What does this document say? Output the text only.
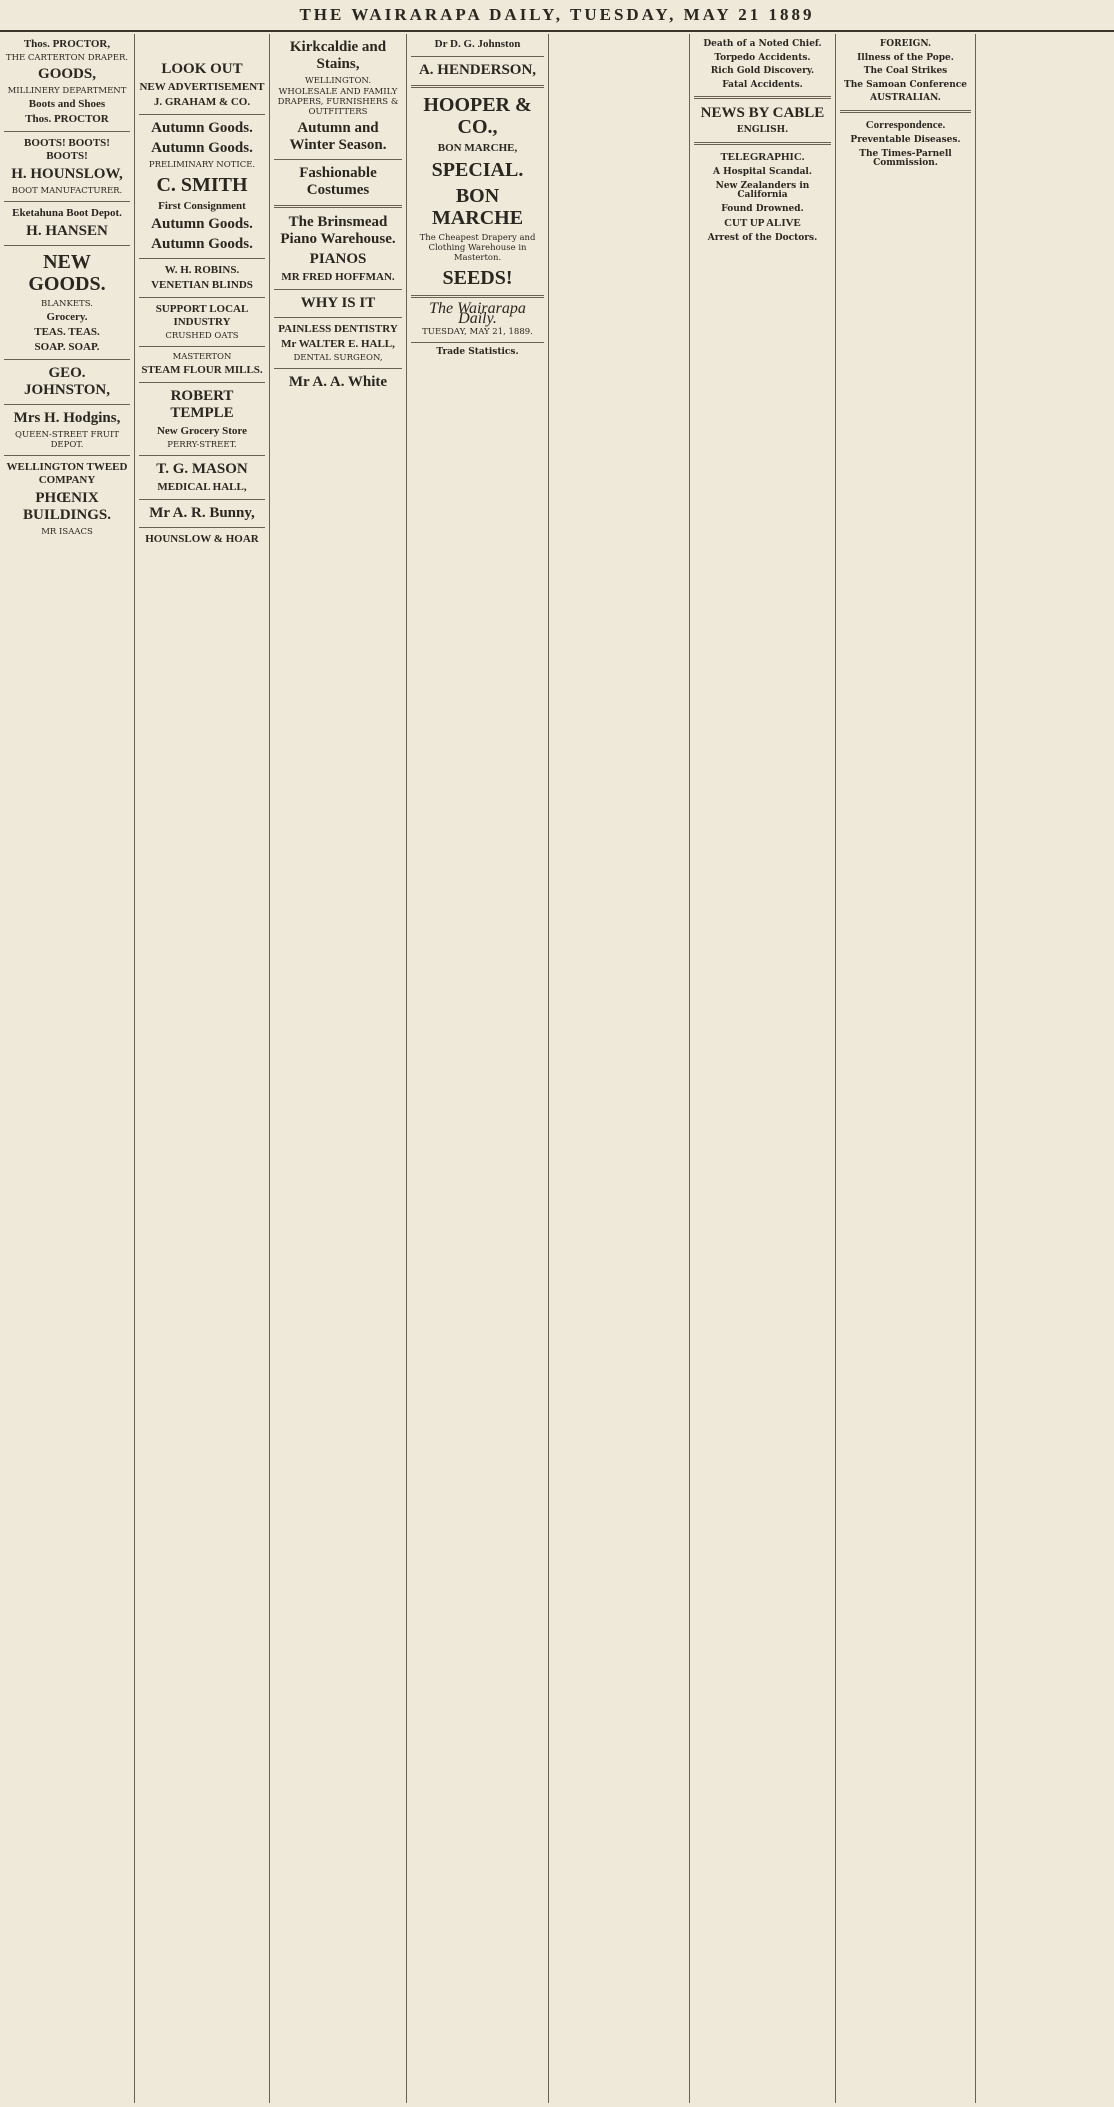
THE WAIRARAPA DAILY, TUESDAY, MAY 21 1889
Thos. PROCTOR,
THE CARTERTON DRAPER.
GOODS,
MILLINERY DEPARTMENT
Boots and Shoes
Thos. PROCTOR
BOOTS! BOOTS! BOOTS!
H. HOUNSLOW,
BOOT MANUFACTURER.
Eketahuna Boot Depot.
H. HANSEN
NEW GOODS.
BLANKETS.
Grocery.
TEAS. TEAS.
SOAP. SOAP.
GEO. JOHNSTON,
Mrs H. Hodgins,
QUEEN-STREET FRUIT DEPOT.
WELLINGTON TWEED COMPANY
PHŒNIX BUILDINGS.
MR ISAACS
LOOK OUT
NEW ADVERTISEMENT
J. GRAHAM & CO.
Autumn Goods.
Autumn Goods.
PRELIMINARY NOTICE.
C. SMITH
First Consignment
Autumn Goods.
Autumn Goods.
W. H. ROBINS.
VENETIAN BLINDS
SUPPORT LOCAL INDUSTRY
CRUSHED OATS
MASTERTON
STEAM FLOUR MILLS.
ROBERT TEMPLE
New Grocery Store
PERRY-STREET.
T. G. MASON
MEDICAL HALL,
Mr A. R. Bunny,
HOUNSLOW & HOAR
Kirkcaldie and Stains,
WELLINGTON.
WHOLESALE AND FAMILY DRAPERS, FURNISHERS & OUTFITTERS
Autumn and Winter Season.
Fashionable Costumes
The Brinsmead Piano Warehouse.
PIANOS
MR FRED HOFFMAN.
WHY IS IT
PAINLESS DENTISTRY
Mr WALTER E. HALL,
DENTAL SURGEON,
Mr A. A. White
Dr D. G. Johnston
A. HENDERSON,
HOOPER & CO.,
BON MARCHE,
SPECIAL.
BON MARCHE
The Cheapest Drapery and Clothing Warehouse in Masterton.
SEEDS!
The Wairarapa Daily.
TUESDAY, MAY 21, 1889.
Trade Statistics.
Death of a Noted Chief.
Torpedo Accidents.
Rich Gold Discovery.
Fatal Accidents.
NEWS BY CABLE
ENGLISH.
TELEGRAPHIC.
A Hospital Scandal.
New Zealanders in California
Found Drowned.
CUT UP ALIVE
Arrest of the Doctors.
FOREIGN.
Illness of the Pope.
The Coal Strikes
The Samoan Conference
AUSTRALIAN.
Correspondence.
Preventable Diseases.
The Times-Parnell Commission.
